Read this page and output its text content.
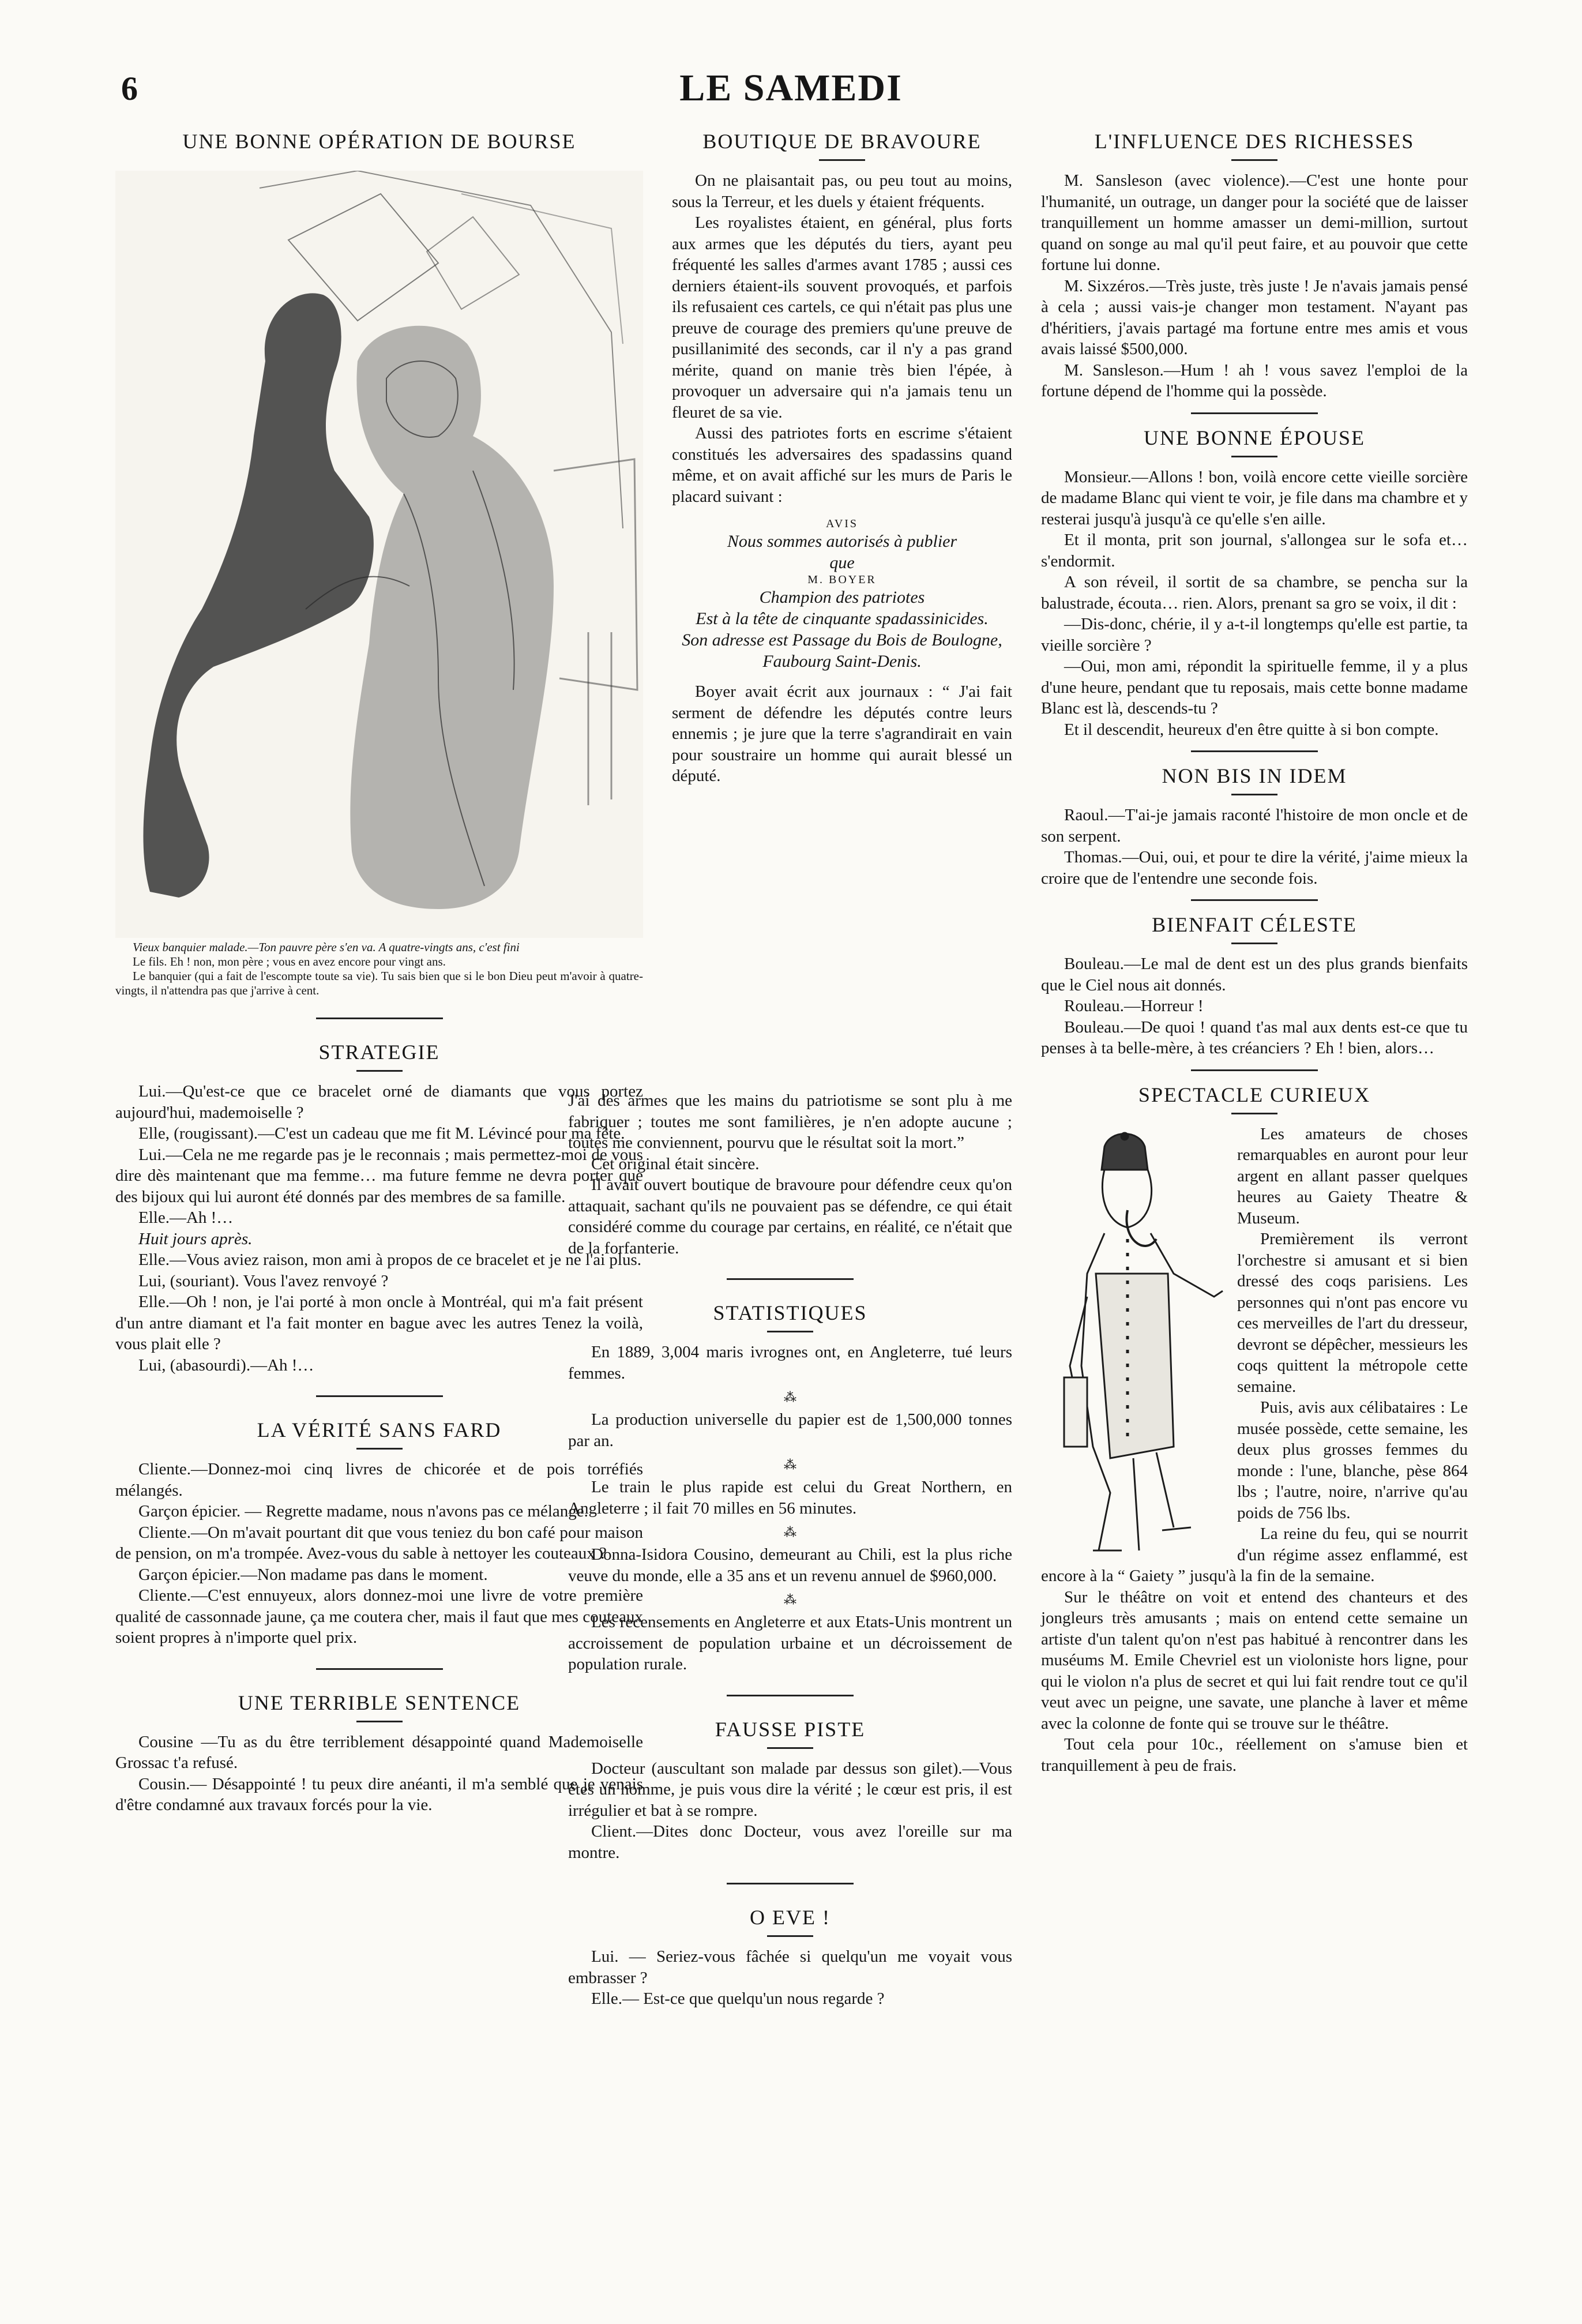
6	LE SAMEDI
UNE BONNE OPÉRATION DE BOURSE

Vieux banquier malade.—Ton pauvre père s'en va. A quatre-vingts ans, c'est fini

Le fils. Eh ! non, mon père ; vous en avez encore pour vingt ans.

Le banquier (qui a fait de l'escompte toute sa vie). Tu sais bien que si le bon Dieu peut m'avoir à quatre-vingts, il n'attendra pas que j'arrive à cent.

STRATEGIE

Lui.—Qu'est-ce que ce bracelet orné de diamants que vous portez aujourd'hui, mademoiselle ?

Elle, (rougissant).—C'est un cadeau que me fit M. Lévincé pour ma fête.

Lui.—Cela ne me regarde pas je le reconnais ; mais permettez-moi de vous dire dès maintenant que ma femme… ma future femme ne devra porter que des bijoux qui lui auront été donnés par des membres de sa famille.

Elle.—Ah !…

Huit jours après.

Elle.—Vous aviez raison, mon ami à propos de ce bracelet et je ne l'ai plus.

Lui, (souriant). Vous l'avez renvoyé ?

Elle.—Oh ! non, je l'ai porté à mon oncle à Montréal, qui m'a fait présent d'un antre diamant et l'a fait monter en bague avec les autres Tenez la voilà, vous plait elle ?

Lui, (abasourdi).—Ah !…

LA VÉRITÉ SANS FARD

Cliente.—Donnez-moi cinq livres de chicorée et de pois torréfiés mélangés.

Garçon épicier. — Regrette madame, nous n'avons pas ce mélange.

Cliente.—On m'avait pourtant dit que vous teniez du bon café pour maison de pension, on m'a trompée. Avez-vous du sable à nettoyer les couteaux ?

Garçon épicier.—Non madame pas dans le moment.

Cliente.—C'est ennuyeux, alors donnez-moi une livre de votre première qualité de cassonnade jaune, ça me coutera cher, mais il faut que mes couteaux soient propres à n'importe quel prix.

UNE TERRIBLE SENTENCE

Cousine —Tu as du être terriblement désappointé quand Mademoiselle Grossac t'a refusé.

Cousin.— Désappointé ! tu peux dire anéanti, il m'a semblé que je venais d'être condamné aux travaux forcés pour la vie.

BOUTIQUE DE BRAVOURE

On ne plaisantait pas, ou peu tout au moins, sous la Terreur, et les duels y étaient fréquents.

Les royalistes étaient, en général, plus forts aux armes que les députés du tiers, ayant peu fréquenté les salles d'armes avant 1785 ; aussi ces derniers étaient-ils souvent provoqués, et parfois ils refusaient ces cartels, ce qui n'était pas plus une preuve de courage des premiers qu'une preuve de pusillanimité des seconds, car il n'y a pas grand mérite, quand on manie très bien l'épée, à provoquer un adversaire qui n'a jamais tenu un fleuret de sa vie.

Aussi des patriotes forts en escrime s'étaient constitués les adversaires des spadassins quand même, et on avait affiché sur les murs de Paris le placard suivant :

AVIS
Nous sommes autorisés à publier
que
M. BOYER
Champion des patriotes
Est à la tête de cinquante spadassinicides.
Son adresse est Passage du Bois de Boulogne,
Faubourg Saint-Denis.

Boyer avait écrit aux journaux : “ J'ai fait serment de défendre les députés contre leurs ennemis ; je jure que la terre s'agrandirait en vain pour soustraire un homme qui aurait blessé un député.

J'ai des armes que les mains du patriotisme se sont plu à me fabriquer ; toutes me sont familières, je n'en adopte aucune ; toutes me conviennent, pourvu que le résultat soit la mort.”

Cet original était sincère.

Il avait ouvert boutique de bravoure pour défendre ceux qu'on attaquait, sachant qu'ils ne pouvaient pas se défendre, ce qui était considéré comme du courage par certains, en réalité, ce n'était que de la forfanterie.

STATISTIQUES

En 1889, 3,004 maris ivrognes ont, en Angleterre, tué leurs femmes.

⁂

La production universelle du papier est de 1,500,000 tonnes par an.

⁂

Le train le plus rapide est celui du Great Northern, en Angleterre ; il fait 70 milles en 56 minutes.

⁂

Donna-Isidora Cousino, demeurant au Chili, est la plus riche veuve du monde, elle a 35 ans et un revenu annuel de $960,000.

⁂

Les recensements en Angleterre et aux Etats-Unis montrent un accroissement de population urbaine et un décroissement de population rurale.

FAUSSE PISTE

Docteur (auscultant son malade par dessus son gilet).—Vous êtes un homme, je puis vous dire la vérité ; le cœur est pris, il est irrégulier et bat à se rompre.

Client.—Dites donc Docteur, vous avez l'oreille sur ma montre.

O EVE !

Lui. — Seriez-vous fâchée si quelqu'un me voyait vous embrasser ?

Elle.— Est-ce que quelqu'un nous regarde ?

L'INFLUENCE DES RICHESSES

M. Sansleson (avec violence).—C'est une honte pour l'humanité, un outrage, un danger pour la société que de laisser tranquillement un homme amasser un demi-million, surtout quand on songe au mal qu'il peut faire, et au pouvoir que cette fortune lui donne.

M. Sixzéros.—Très juste, très juste ! Je n'avais jamais pensé à cela ; aussi vais-je changer mon testament. N'ayant pas d'héritiers, j'avais partagé ma fortune entre mes amis et vous avais laissé $500,000.

M. Sansleson.—Hum ! ah ! vous savez l'emploi de la fortune dépend de l'homme qui la possède.

UNE BONNE ÉPOUSE

Monsieur.—Allons ! bon, voilà encore cette vieille sorcière de madame Blanc qui vient te voir, je file dans ma chambre et y resterai jusqu'à jusqu'à ce qu'elle s'en aille.

Et il monta, prit son journal, s'allongea sur le sofa et… s'endormit.

A son réveil, il sortit de sa chambre, se pencha sur la balustrade, écouta… rien. Alors, prenant sa gro se voix, il dit :

—Dis-donc, chérie, il y a-t-il longtemps qu'elle est partie, ta vieille sorcière ?

—Oui, mon ami, répondit la spirituelle femme, il y a plus d'une heure, pendant que tu reposais, mais cette bonne madame Blanc est là, descends-tu ?

Et il descendit, heureux d'en être quitte à si bon compte.

NON BIS IN IDEM

Raoul.—T'ai-je jamais raconté l'histoire de mon oncle et de son serpent.

Thomas.—Oui, oui, et pour te dire la vérité, j'aime mieux la croire que de l'entendre une seconde fois.

BIENFAIT CÉLESTE

Bouleau.—Le mal de dent est un des plus grands bienfaits que le Ciel nous ait donnés.

Rouleau.—Horreur !

Bouleau.—De quoi ! quand t'as mal aux dents est-ce que tu penses à ta belle-mère, à tes créanciers ? Eh ! bien, alors…

SPECTACLE CURIEUX

Les amateurs de choses remarquables en auront pour leur argent en allant passer quelques heures au Gaiety Theatre & Museum.

Premièrement ils verront l'orchestre si amusant et si bien dressé des coqs parisiens. Les personnes qui n'ont pas encore vu ces merveilles de l'art du dresseur, devront se dépêcher, messieurs les coqs quittent la métropole cette semaine.

Puis, avis aux célibataires : Le musée possède, cette semaine, les deux plus grosses femmes du monde : l'une, blanche, pèse 864 lbs ; l'autre, noire, n'arrive qu'au poids de 756 lbs.

La reine du feu, qui se nourrit d'un régime assez enflammé, est encore à la “ Gaiety ” jusqu'à la fin de la semaine.

Sur le théâtre on voit et entend des chanteurs et des jongleurs très amusants ; mais on entend cette semaine un artiste d'un talent qu'on n'est pas habitué à rencontrer dans les muséums M. Emile Chevriel est un violoniste hors ligne, pour qui le violon n'a plus de secret et qui lui fait rendre tout ce qu'il veut avec un peigne, une savate, une planche à laver et même avec la colonne de fonte qui se trouve sur le théâtre.

Tout cela pour 10c., réellement on s'amuse bien et tranquillement à peu de frais.
